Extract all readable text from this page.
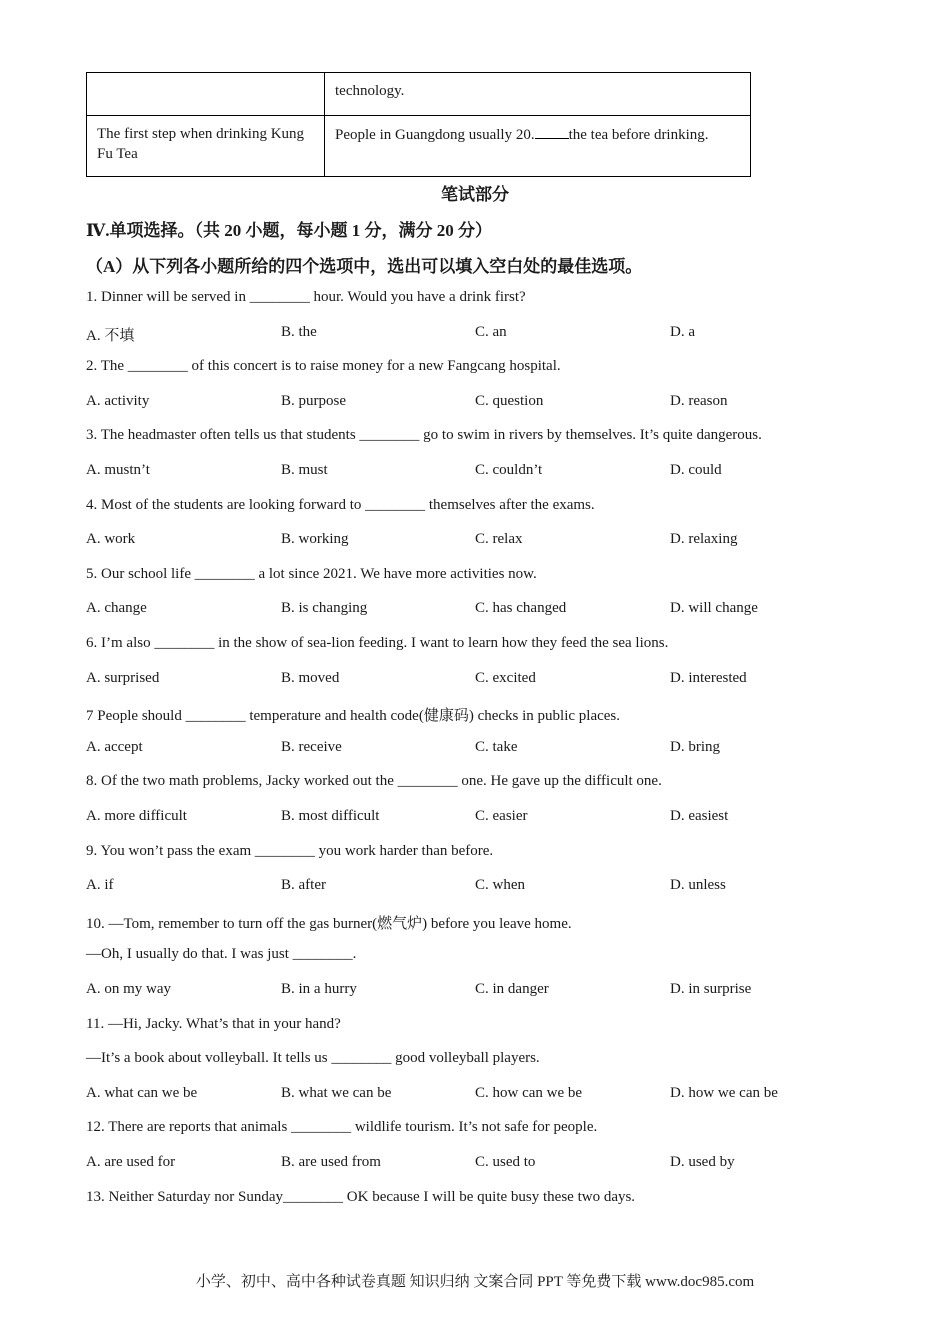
	technology.
The first step when drinking Kung Fu Tea	People in Guangdong usually 20. the tea before drinking.
笔试部分
Ⅳ.单项选择。（共 20 小题，每小题 1 分，满分 20 分）
（A）从下列各小题所给的四个选项中，选出可以填入空白处的最佳选项。
1. Dinner will be served in ________ hour. Would you have a drink first?
A. 不填	B. the	C. an	D. a
2. The ________ of this concert is to raise money for a new Fangcang hospital.
A. activity	B. purpose	C. question	D. reason
3. The headmaster often tells us that students ________ go to swim in rivers by themselves. It’s quite dangerous.
A. mustn’t	B. must	C. couldn’t	D. could
4. Most of the students are looking forward to ________ themselves after the exams.
A. work	B. working	C. relax	D. relaxing
5. Our school life ________ a lot since 2021. We have more activities now.
A. change	B. is changing	C. has changed	D. will change
6. I’m also ________ in the show of sea-lion feeding. I want to learn how they feed the sea lions.
A. surprised	B. moved	C. excited	D. interested
7 People should ________ temperature and health code(健康码) checks in public places.
A. accept	B. receive	C. take	D. bring
8. Of the two math problems, Jacky worked out the ________ one. He gave up the difficult one.
A. more difficult	B. most difficult	C. easier	D. easiest
9. You won’t pass the exam ________ you work harder than before.
A. if	B. after	C. when	D. unless
10. —Tom, remember to turn off the gas burner(燃气炉) before you leave home.
—Oh, I usually do that. I was just ________.
A. on my way	B. in a hurry	C. in danger	D. in surprise
11. —Hi, Jacky. What’s that in your hand?
—It’s a book about volleyball. It tells us ________ good volleyball players.
A. what can we be	B. what we can be	C. how can we be	D. how we can be
12. There are reports that animals ________ wildlife tourism. It’s not safe for people.
A. are used for	B. are used from	C. used to	D. used by
13. Neither Saturday nor Sunday________ OK because I will be quite busy these two days.
小学、初中、高中各种试卷真题 知识归纳 文案合同 PPT 等免费下载 www.doc985.com
